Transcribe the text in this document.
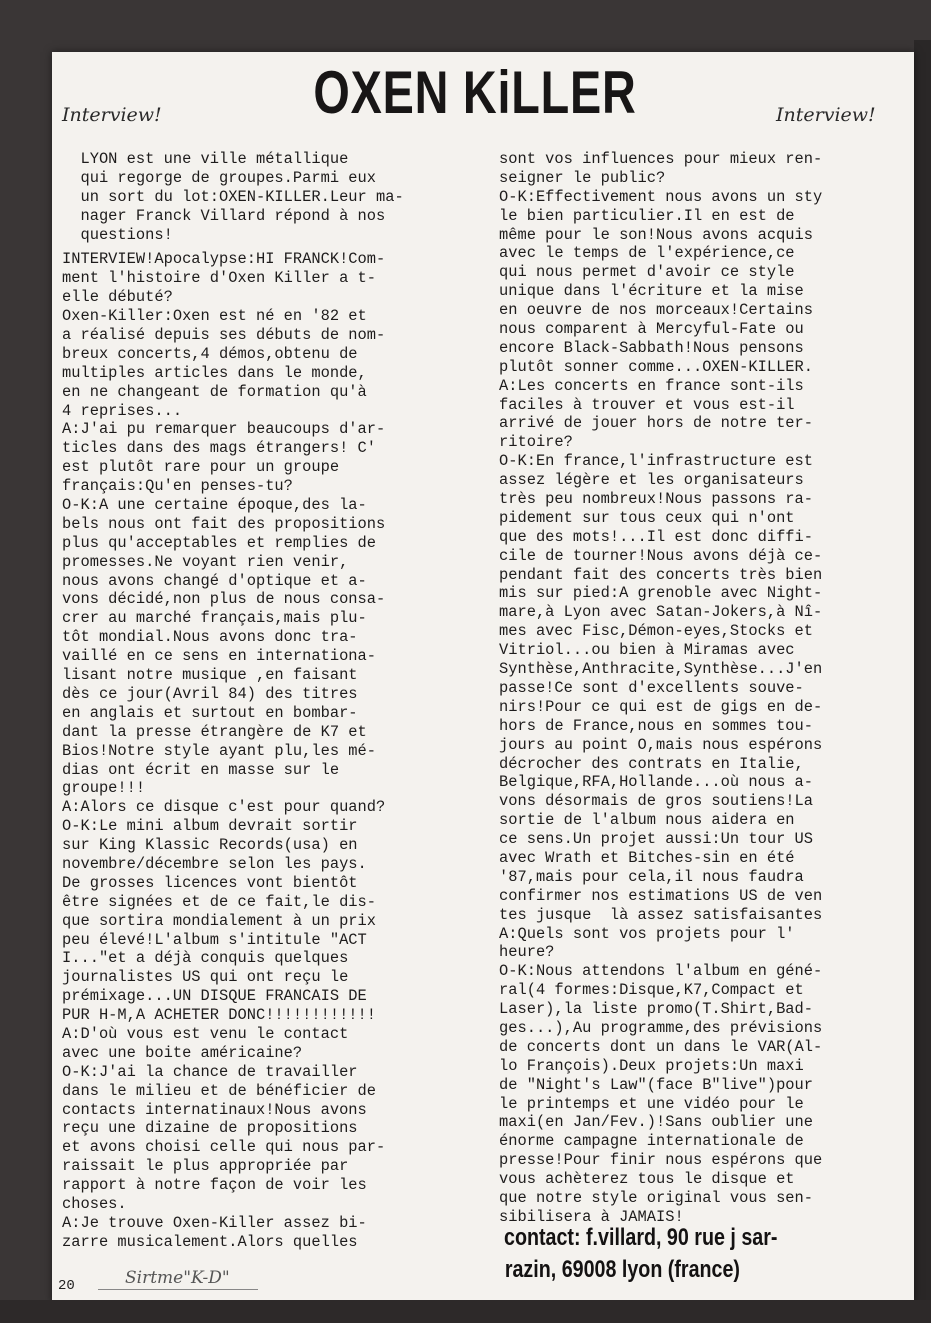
OXEN KiLLER
Interview!	Interview!
LYON est une ville métallique
qui regorge de groupes.Parmi eux
un sort du lot:OXEN-KILLER.Leur ma-
nager Franck Villard répond à nos
questions!
INTERVIEW!Apocalypse:HI FRANCK!Com-
ment l'histoire d'Oxen Killer a t-
elle débuté?
Oxen-Killer:Oxen est né en '82 et
a réalisé depuis ses débuts de nom-
breux concerts,4 démos,obtenu de
multiples articles dans le monde,
en ne changeant de formation qu'à
4 reprises...
A:J'ai pu remarquer beaucoups d'ar-
ticles dans des mags étrangers! C'
est plutôt rare pour un groupe
français:Qu'en penses-tu?
O-K:A une certaine époque,des la-
bels nous ont fait des propositions
plus qu'acceptables et remplies de
promesses.Ne voyant rien venir,
nous avons changé d'optique et a-
vons décidé,non plus de nous consa-
crer au marché français,mais plu-
tôt mondial.Nous avons donc tra-
vaillé en ce sens en internationa-
lisant notre musique ,en faisant
dès ce jour(Avril 84) des titres
en anglais et surtout en bombar-
dant la presse étrangère de K7 et
Bios!Notre style ayant plu,les mé-
dias ont écrit en masse sur le
groupe!!!
A:Alors ce disque c'est pour quand?
O-K:Le mini album devrait sortir
sur King Klassic Records(usa) en
novembre/décembre selon les pays.
De grosses licences vont bientôt
être signées et de ce fait,le dis-
que sortira mondialement à un prix
peu élevé!L'album s'intitule "ACT
I..."et a déjà conquis quelques
journalistes US qui ont reçu le
prémixage...UN DISQUE FRANCAIS DE
PUR H-M,A ACHETER DONC!!!!!!!!!!!!
A:D'où vous est venu le contact
avec une boite américaine?
O-K:J'ai la chance de travailler
dans le milieu et de bénéficier de
contacts internatinaux!Nous avons
reçu une dizaine de propositions
et avons choisi celle qui nous par-
raissait le plus appropriée par
rapport à notre façon de voir les
choses.
A:Je trouve Oxen-Killer assez bi-
zarre musicalement.Alors quelles
sont vos influences pour mieux ren-
seigner le public?
O-K:Effectivement nous avons un sty
le bien particulier.Il en est de
même pour le son!Nous avons acquis
avec le temps de l'expérience,ce
qui nous permet d'avoir ce style
unique dans l'écriture et la mise
en oeuvre de nos morceaux!Certains
nous comparent à Mercyful-Fate ou
encore Black-Sabbath!Nous pensons
plutôt sonner comme...OXEN-KILLER.
A:Les concerts en france sont-ils
faciles à trouver et vous est-il
arrivé de jouer hors de notre ter-
ritoire?
O-K:En france,l'infrastructure est
assez légère et les organisateurs
très peu nombreux!Nous passons ra-
pidement sur tous ceux qui n'ont
que des mots!...Il est donc diffi-
cile de tourner!Nous avons déjà ce-
pendant fait des concerts très bien
mis sur pied:A grenoble avec Night-
mare,à Lyon avec Satan-Jokers,à Nî-
mes avec Fisc,Démon-eyes,Stocks et
Vitriol...ou bien à Miramas avec
Synthèse,Anthracite,Synthèse...J'en
passe!Ce sont d'excellents souve-
nirs!Pour ce qui est de gigs en de-
hors de France,nous en sommes tou-
jours au point O,mais nous espérons
décrocher des contrats en Italie,
Belgique,RFA,Hollande...où nous a-
vons désormais de gros soutiens!La
sortie de l'album nous aidera en
ce sens.Un projet aussi:Un tour US
avec Wrath et Bitches-sin en été
'87,mais pour cela,il nous faudra
confirmer nos estimations US de ven
tes jusque  là assez satisfaisantes
A:Quels sont vos projets pour l'
heure?
O-K:Nous attendons l'album en géné-
ral(4 formes:Disque,K7,Compact et
Laser),la liste promo(T.Shirt,Bad-
ges...),Au programme,des prévisions
de concerts dont un dans le VAR(Al-
lo François).Deux projets:Un maxi
de "Night's Law"(face B"live")pour
le printemps et une vidéo pour le
maxi(en Jan/Fev.)!Sans oublier une
énorme campagne internationale de
presse!Pour finir nous espérons que
vous achèterez tous le disque et
que notre style original vous sen-
sibilisera à JAMAIS!
contact: f.villard, 90 rue j sar-
razin, 69008 lyon (france)
20	Sirtme"K-D"
